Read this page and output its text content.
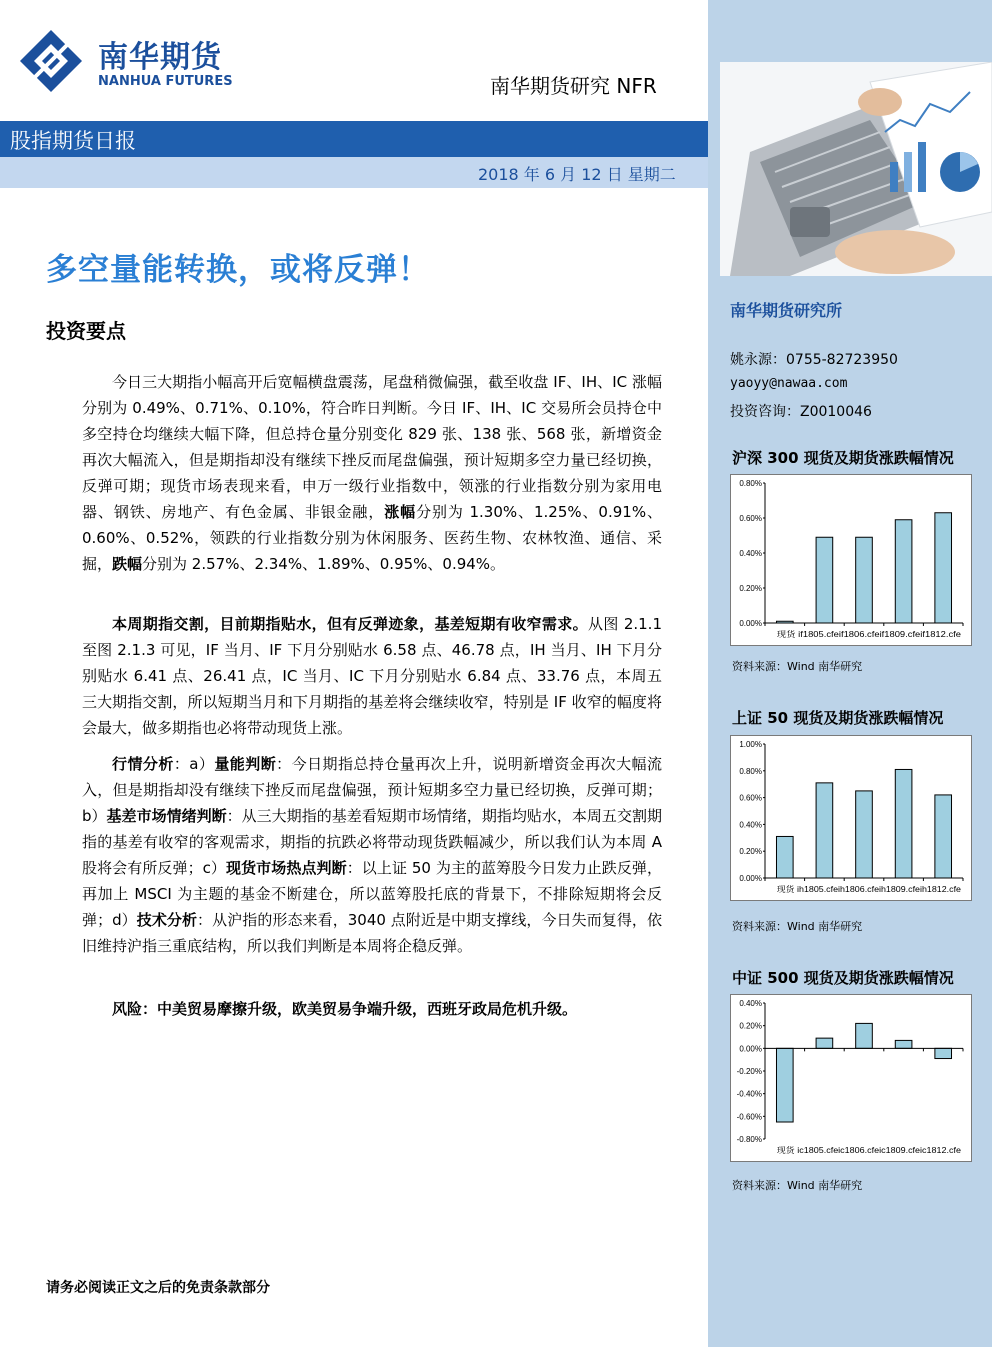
南华期货
NANHUA FUTURES	南华期货研究 NFR
股指期货日报
2018 年 6 月 12 日 星期二
多空量能转换，或将反弹！
投资要点

今日三大期指小幅高开后宽幅横盘震荡，尾盘稍微偏强，截至收盘 IF、IH、IC 涨幅分别为 0.49%、0.71%、0.10%，符合昨日判断。今日 IF、IH、IC 交易所会员持仓中多空持仓均继续大幅下降，但总持仓量分别变化 829 张、138 张、568 张，新增资金再次大幅流入，但是期指却没有继续下挫反而尾盘偏强，预计短期多空力量已经切换，反弹可期；现货市场表现来看，申万一级行业指数中，领涨的行业指数分别为家用电器、钢铁、房地产、有色金属、非银金融，涨幅分别为 1.30%、1.25%、0.91%、0.60%、0.52%，领跌的行业指数分别为休闲服务、医药生物、农林牧渔、通信、采掘，跌幅分别为 2.57%、2.34%、1.89%、0.95%、0.94%。

本周期指交割，目前期指贴水，但有反弹迹象，基差短期有收窄需求。从图 2.1.1 至图 2.1.3 可见，IF 当月、IF 下月分别贴水 6.58 点、46.78 点，IH 当月、IH 下月分别贴水 6.41 点、26.41 点，IC 当月、IC 下月分别贴水 6.84 点、33.76 点，本周五三大期指交割，所以短期当月和下月期指的基差将会继续收窄，特别是 IF 收窄的幅度将会最大，做多期指也必将带动现货上涨。

行情分析：a）量能判断：今日期指总持仓量再次上升，说明新增资金再次大幅流入，但是期指却没有继续下挫反而尾盘偏强，预计短期多空力量已经切换，反弹可期；b）基差市场情绪判断：从三大期指的基差看短期市场情绪，期指均贴水，本周五交割期指的基差有收窄的客观需求，期指的抗跌必将带动现货跌幅减少，所以我们认为本周 A 股将会有所反弹；c）现货市场热点判断：以上证 50 为主的蓝筹股今日发力止跌反弹，再加上 MSCI 为主题的基金不断建仓，所以蓝筹股托底的背景下，不排除短期将会反弹；d）技术分析：从沪指的形态来看，3040 点附近是中期支撑线，今日失而复得，依旧维持沪指三重底结构，所以我们判断是本周将企稳反弹。

风险：中美贸易摩擦升级，欧美贸易争端升级，西班牙政局危机升级。

请务必阅读正文之后的免责条款部分
南华期货研究所
姚永源：0755-82723950
yaoyy@nawaa.com
投资咨询：Z0010046
沪深 300 现货及期货涨跌幅情况
0.80%
0.60%
0.40%
0.20%
0.00%
现货 if1805.cfeif1806.cfeif1809.cfeif1812.cfe
资料来源：Wind 南华研究
上证 50 现货及期货涨跌幅情况
1.00%
0.80%
0.60%
0.40%
0.20%
0.00%
现货 ih1805.cfeih1806.cfeih1809.cfeih1812.cfe
资料来源：Wind 南华研究
中证 500 现货及期货涨跌幅情况
0.40%
0.20%
0.00%
-0.20%
-0.40%
-0.60%
-0.80%
现货 ic1805.cfeic1806.cfeic1809.cfeic1812.cfe
资料来源：Wind 南华研究
